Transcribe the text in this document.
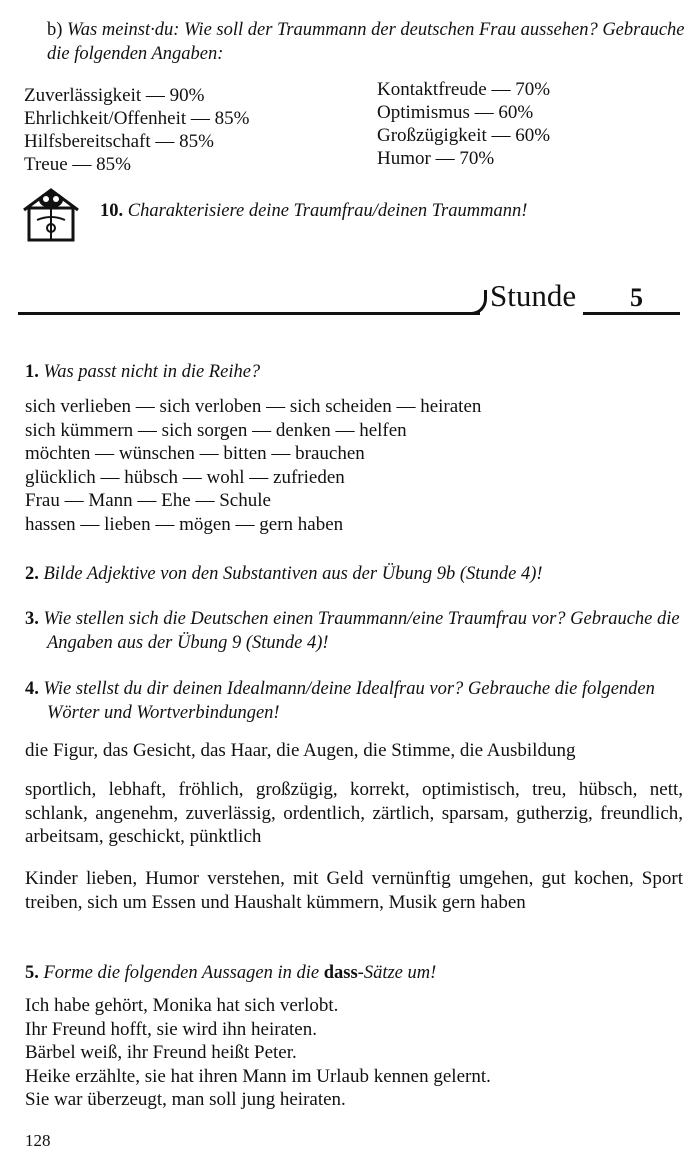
b) Was meinst·du: Wie soll der Traummann der deutschen Frau aussehen? Gebrauche die folgenden Angaben:
Zuverlässigkeit — 90%
Ehrlichkeit/Offenheit — 85%
Hilfsbereitschaft — 85%
Treue — 85%
Kontaktfreude — 70%
Optimismus — 60%
Großzügigkeit — 60%
Humor — 70%
10. Charakterisiere deine Traumfrau/deinen Traummann!
Stunde 5
1. Was passt nicht in die Reihe?
sich verlieben — sich verloben — sich scheiden — heiraten
sich kümmern — sich sorgen — denken — helfen
möchten — wünschen — bitten — brauchen
glücklich — hübsch — wohl — zufrieden
Frau — Mann — Ehe — Schule
hassen — lieben — mögen — gern haben
2. Bilde Adjektive von den Substantiven aus der Übung 9b (Stunde 4)!
3. Wie stellen sich die Deutschen einen Traummann/eine Traumfrau vor? Gebrauche die Angaben aus der Übung 9 (Stunde 4)!
4. Wie stellst du dir deinen Idealmann/deine Idealfrau vor? Gebrauche die folgenden Wörter und Wortverbindungen!
die Figur, das Gesicht, das Haar, die Augen, die Stimme, die Ausbildung
sportlich, lebhaft, fröhlich, großzügig, korrekt, optimistisch, treu, hübsch, nett, schlank, angenehm, zuverlässig, ordentlich, zärtlich, sparsam, gutherzig, freundlich, arbeitsam, geschickt, pünktlich
Kinder lieben, Humor verstehen, mit Geld vernünftig umgehen, gut kochen, Sport treiben, sich um Essen und Haushalt kümmern, Musik gern haben
5. Forme die folgenden Aussagen in die dass-Sätze um!
Ich habe gehört, Monika hat sich verlobt.
Ihr Freund hofft, sie wird ihn heiraten.
Bärbel weiß, ihr Freund heißt Peter.
Heike erzählte, sie hat ihren Mann im Urlaub kennen gelernt.
Sie war überzeugt, man soll jung heiraten.
128
